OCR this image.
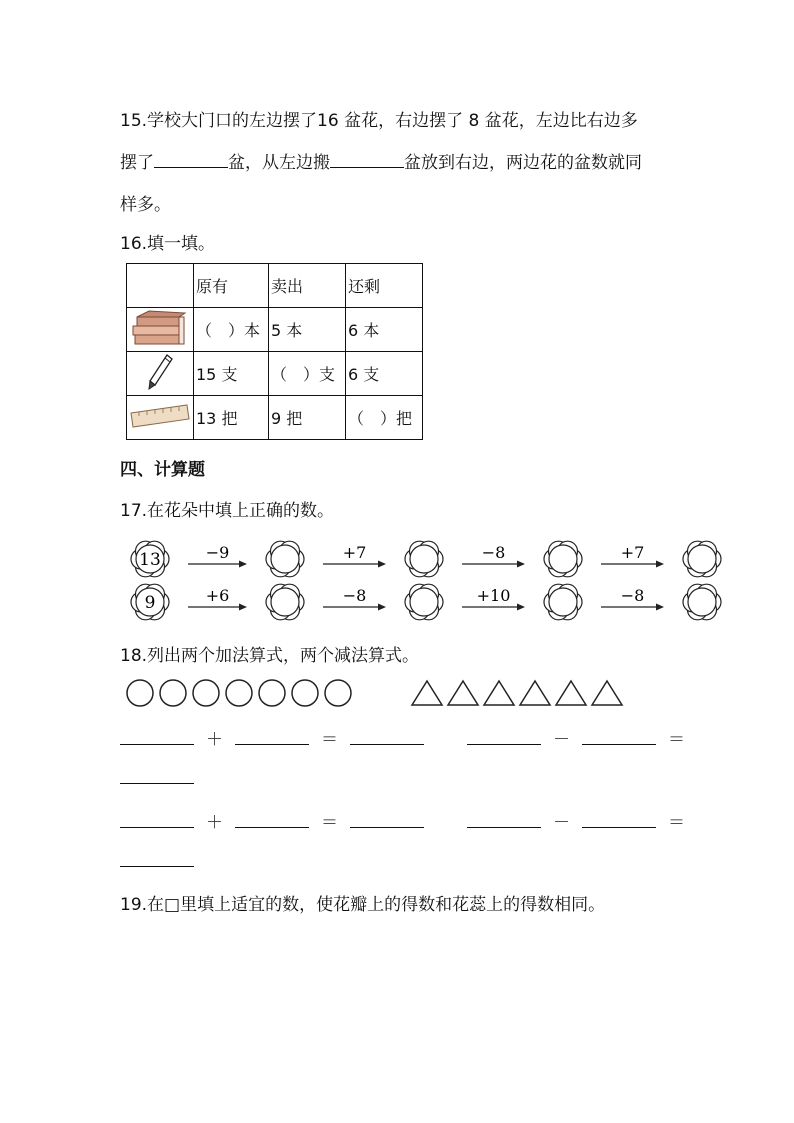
15.学校大门口的左边摆了16 盆花，右边摆了 8 盆花，左边比右边多
摆了	盆，从左边搬	盆放到右边，两边花的盆数就同
样多。
16.填一填。
	原有	卖出	还剩
	（　）本	5 本	6 本
	15 支	（　）支	6 支
	13 把	9 把	（　）把
四、计算题
17.在花朵中填上正确的数。
13	−9	+7	−8	+7
9	+6	−8	+10	−8
18.列出两个加法算式，两个减法算式。
＋	＝	－	＝
＋	＝	－	＝
19.在□里填上适宜的数，使花瓣上的得数和花蕊上的得数相同。
